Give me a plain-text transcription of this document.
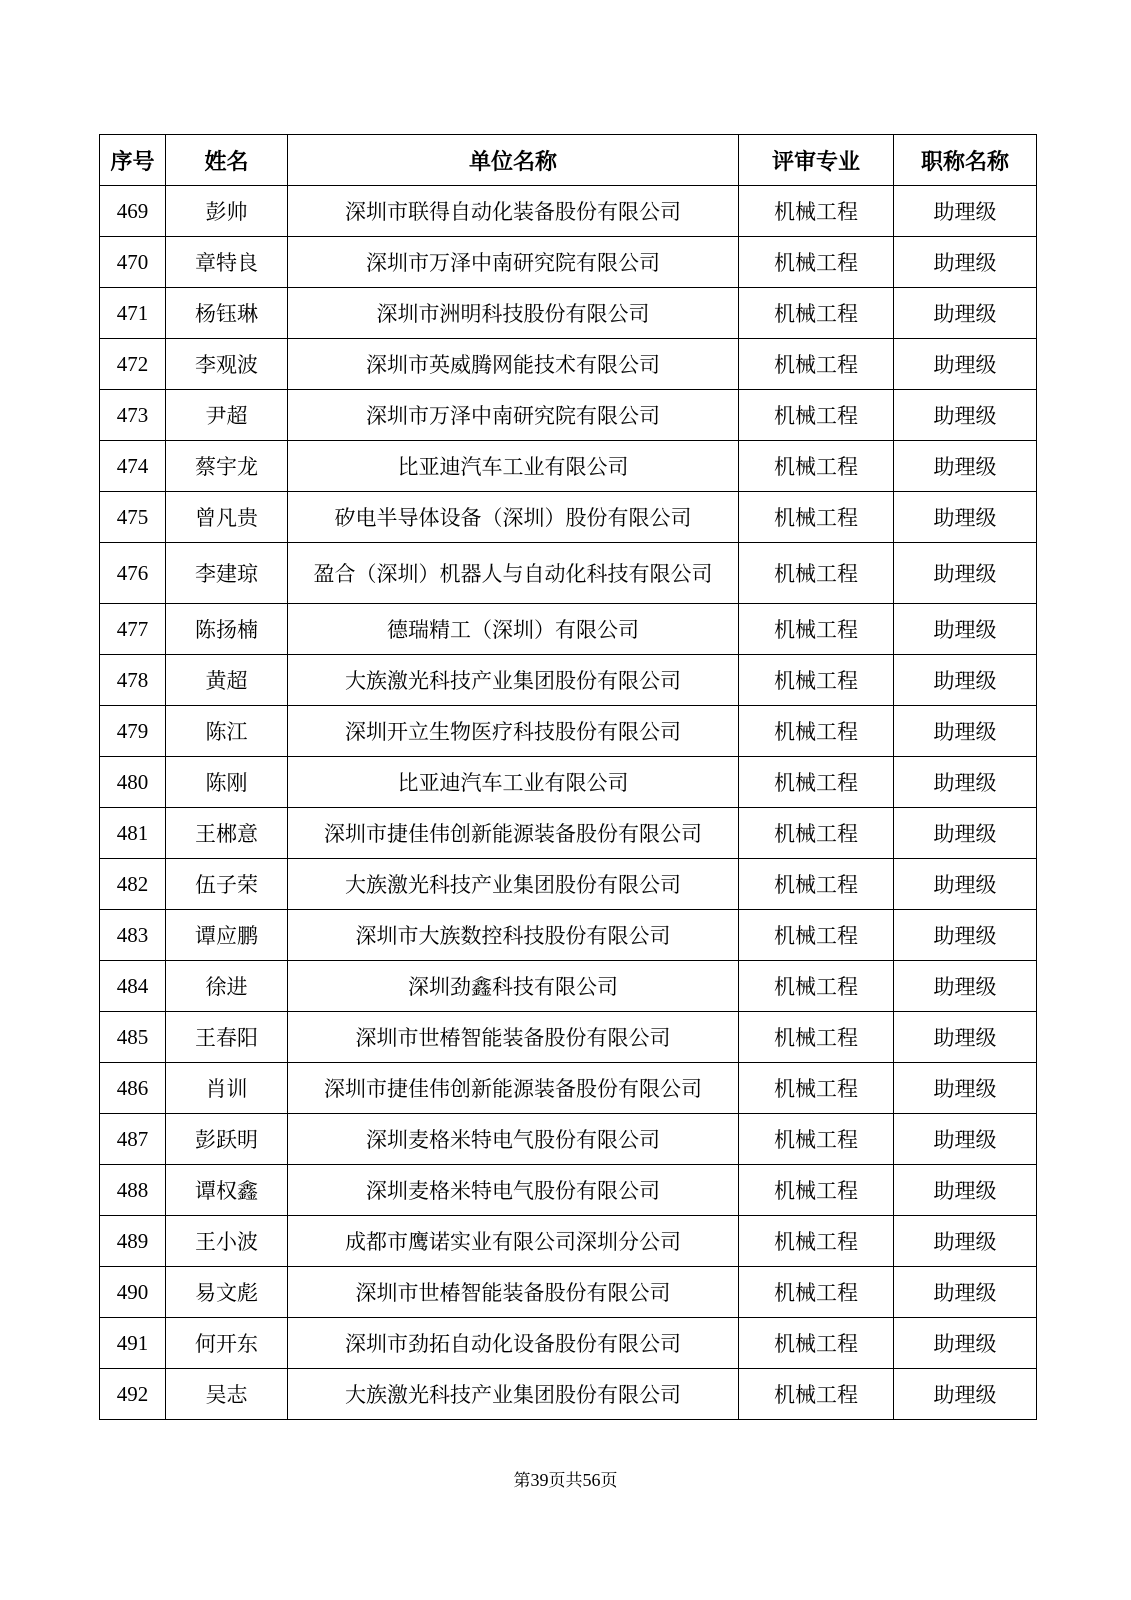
序号	姓名	单位名称	评审专业	职称名称
469	彭帅	深圳市联得自动化装备股份有限公司	机械工程	助理级
470	章特良	深圳市万泽中南研究院有限公司	机械工程	助理级
471	杨钰琳	深圳市洲明科技股份有限公司	机械工程	助理级
472	李观波	深圳市英威腾网能技术有限公司	机械工程	助理级
473	尹超	深圳市万泽中南研究院有限公司	机械工程	助理级
474	蔡宇龙	比亚迪汽车工业有限公司	机械工程	助理级
475	曾凡贵	矽电半导体设备（深圳）股份有限公司	机械工程	助理级
476	李建琼	盈合（深圳）机器人与自动化科技有限公司	机械工程	助理级
477	陈扬楠	德瑞精工（深圳）有限公司	机械工程	助理级
478	黄超	大族激光科技产业集团股份有限公司	机械工程	助理级
479	陈江	深圳开立生物医疗科技股份有限公司	机械工程	助理级
480	陈刚	比亚迪汽车工业有限公司	机械工程	助理级
481	王郴意	深圳市捷佳伟创新能源装备股份有限公司	机械工程	助理级
482	伍子荣	大族激光科技产业集团股份有限公司	机械工程	助理级
483	谭应鹏	深圳市大族数控科技股份有限公司	机械工程	助理级
484	徐进	深圳劲鑫科技有限公司	机械工程	助理级
485	王春阳	深圳市世椿智能装备股份有限公司	机械工程	助理级
486	肖训	深圳市捷佳伟创新能源装备股份有限公司	机械工程	助理级
487	彭跃明	深圳麦格米特电气股份有限公司	机械工程	助理级
488	谭权鑫	深圳麦格米特电气股份有限公司	机械工程	助理级
489	王小波	成都市鹰诺实业有限公司深圳分公司	机械工程	助理级
490	易文彪	深圳市世椿智能装备股份有限公司	机械工程	助理级
491	何开东	深圳市劲拓自动化设备股份有限公司	机械工程	助理级
492	吴志	大族激光科技产业集团股份有限公司	机械工程	助理级
第39页共56页
